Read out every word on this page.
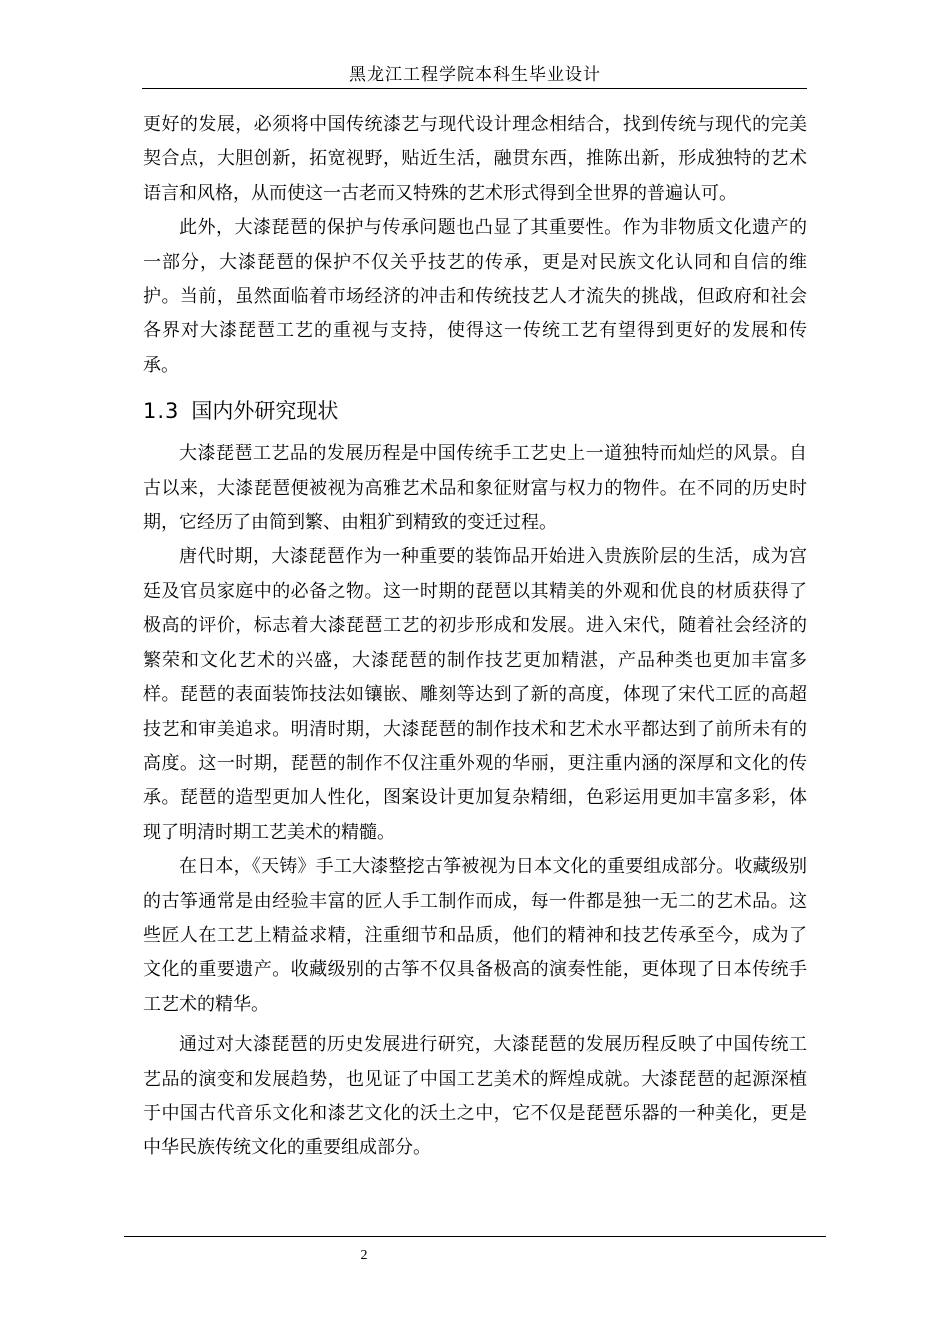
黑龙江工程学院本科生毕业设计

更好的发展，必须将中国传统漆艺与现代设计理念相结合，找到传统与现代的完美契合点，大胆创新，拓宽视野，贴近生活，融贯东西，推陈出新，形成独特的艺术语言和风格，从而使这一古老而又特殊的艺术形式得到全世界的普遍认可。

此外，大漆琵琶的保护与传承问题也凸显了其重要性。作为非物质文化遗产的一部分，大漆琵琶的保护不仅关乎技艺的传承，更是对民族文化认同和自信的维护。当前，虽然面临着市场经济的冲击和传统技艺人才流失的挑战，但政府和社会各界对大漆琵琶工艺的重视与支持，使得这一传统工艺有望得到更好的发展和传承。

1.3 国内外研究现状

大漆琵琶工艺品的发展历程是中国传统手工艺史上一道独特而灿烂的风景。自古以来，大漆琵琶便被视为高雅艺术品和象征财富与权力的物件。在不同的历史时期，它经历了由简到繁、由粗犷到精致的变迁过程。

唐代时期，大漆琵琶作为一种重要的装饰品开始进入贵族阶层的生活，成为宫廷及官员家庭中的必备之物。这一时期的琵琶以其精美的外观和优良的材质获得了极高的评价，标志着大漆琵琶工艺的初步形成和发展。进入宋代，随着社会经济的繁荣和文化艺术的兴盛，大漆琵琶的制作技艺更加精湛，产品种类也更加丰富多样。琵琶的表面装饰技法如镶嵌、雕刻等达到了新的高度，体现了宋代工匠的高超技艺和审美追求。明清时期，大漆琵琶的制作技术和艺术水平都达到了前所未有的高度。这一时期，琵琶的制作不仅注重外观的华丽，更注重内涵的深厚和文化的传承。琵琶的造型更加人性化，图案设计更加复杂精细，色彩运用更加丰富多彩，体现了明清时期工艺美术的精髓。

在日本，《天铸》手工大漆整挖古筝被视为日本文化的重要组成部分。收藏级别的古筝通常是由经验丰富的匠人手工制作而成，每一件都是独一无二的艺术品。这些匠人在工艺上精益求精，注重细节和品质，他们的精神和技艺传承至今，成为了文化的重要遗产。收藏级别的古筝不仅具备极高的演奏性能，更体现了日本传统手工艺术的精华。

通过对大漆琵琶的历史发展进行研究，大漆琵琶的发展历程反映了中国传统工艺品的演变和发展趋势，也见证了中国工艺美术的辉煌成就。大漆琵琶的起源深植于中国古代音乐文化和漆艺文化的沃土之中，它不仅是琵琶乐器的一种美化，更是中华民族传统文化的重要组成部分。

2
